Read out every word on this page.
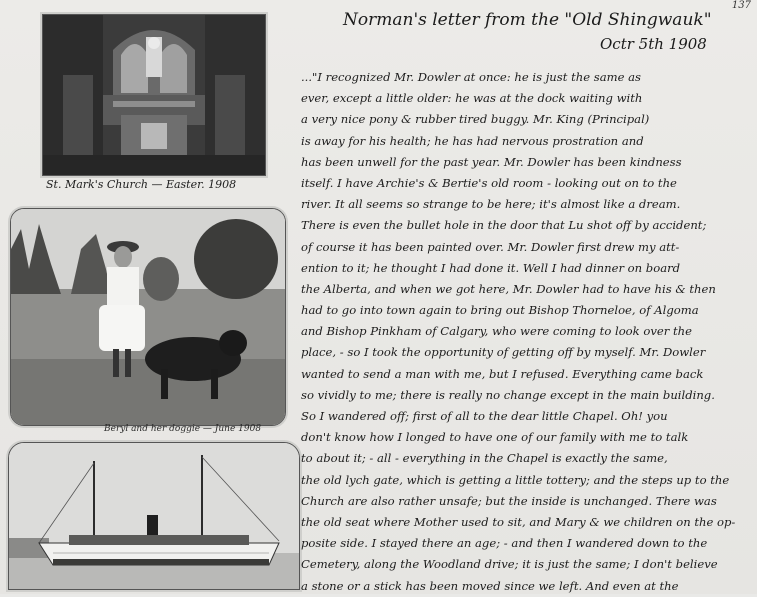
137
St. Mark's Church — Easter. 1908
Beryl and her doggie — June 1908
Norman's letter from the "Old Shingwauk"
Octr 5th 1908
..."I recognized Mr. Dowler at once: he is just the same as
ever, except a little older: he was at the dock waiting with
a very nice pony & rubber tired buggy. Mr. King (Principal)
is away for his health; he has had nervous prostration and
has been unwell for the past year. Mr. Dowler has been kindness
itself. I have Archie's & Bertie's old room - looking out on to the
river. It all seems so strange to be here; it's almost like a dream.
There is even the bullet hole in the door that Lu shot off by accident;
of course it has been painted over. Mr. Dowler first drew my att-
ention to it; he thought I had done it. Well I had dinner on board
the Alberta, and when we got here, Mr. Dowler had to have his & then
had to go into town again to bring out Bishop Thorneloe, of Algoma
and Bishop Pinkham of Calgary, who were coming to look over the
place, - so I took the opportunity of getting off by myself. Mr. Dowler
wanted to send a man with me, but I refused. Everything came back
so vividly to me; there is really no change except in the main building.
So I wandered off; first of all to the dear little Chapel. Oh! you
don't know how I longed to have one of our family with me to talk
to about it; - all - everything in the Chapel is exactly the same,
the old lych gate, which is getting a little tottery; and the steps up to the
Church are also rather unsafe; but the inside is unchanged. There was
the old seat where Mother used to sit, and Mary & we children on the op-
posite side. I stayed there an age; - and then I wandered down to the
Cemetery, along the Woodland drive; it is just the same; I don't believe
a stone or a stick has been moved since we left. And even at the
